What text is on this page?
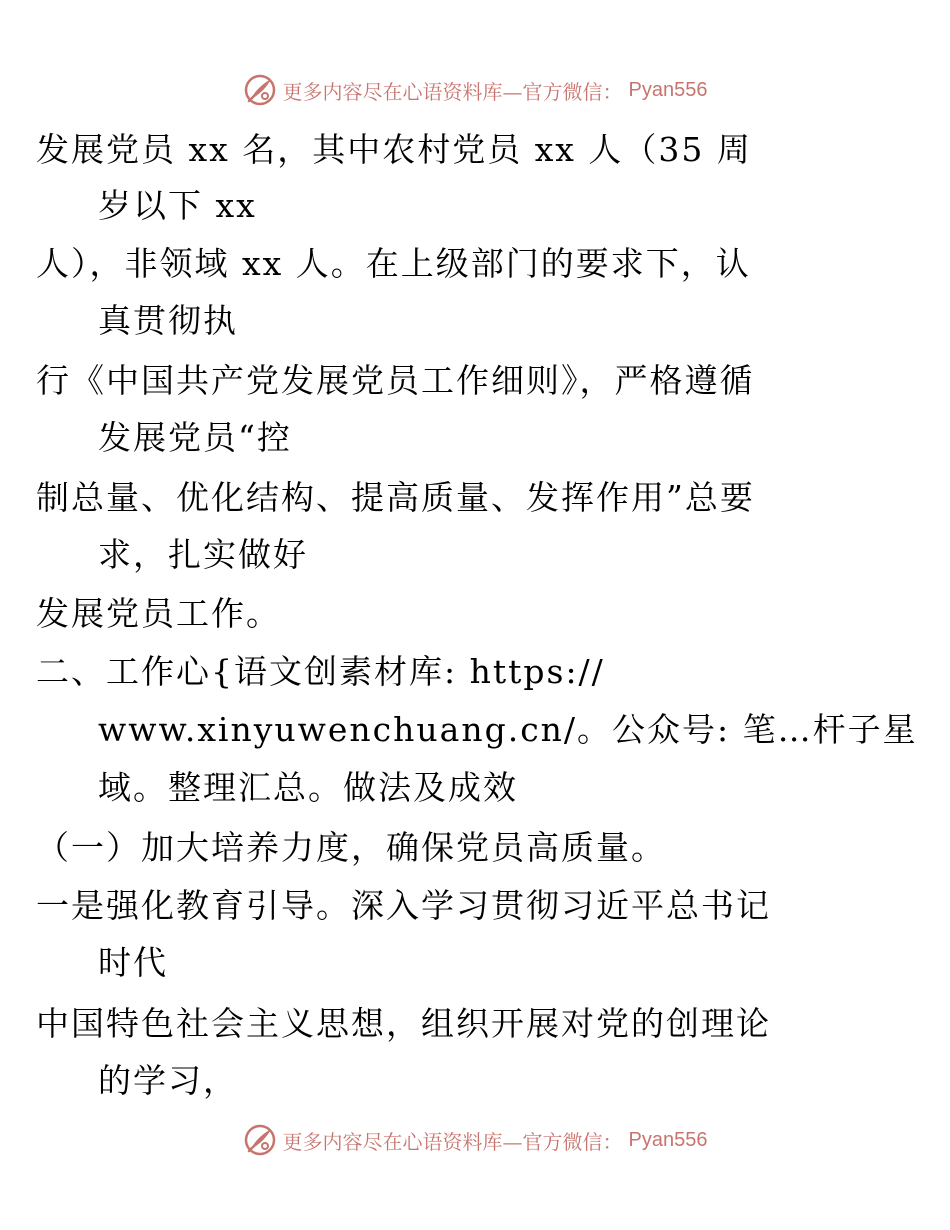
更多内容尽在心语资料库—官方微信： Pyan556
发展党员 xx 名，其中农村党员 xx 人（35 周
岁以下 xx
人），非领域 xx 人。在上级部门的要求下，认
真贯彻执
行《中国共产党发展党员工作细则》，严格遵循
发展党员“控
制总量、优化结构、提高质量、发挥作用”总要
求，扎实做好
发展党员工作。
二、工作心{语文创素材库: https://
www.xinyuwenchuang.cn/。公众号: 笔…杆子星
域。整理汇总。做法及成效
（一）加大培养力度，确保党员高质量。
一是强化教育引导。深入学习贯彻习近平总书记
时代
中国特色社会主义思想，组织开展对党的创理论
的学习，
更多内容尽在心语资料库—官方微信： Pyan556
